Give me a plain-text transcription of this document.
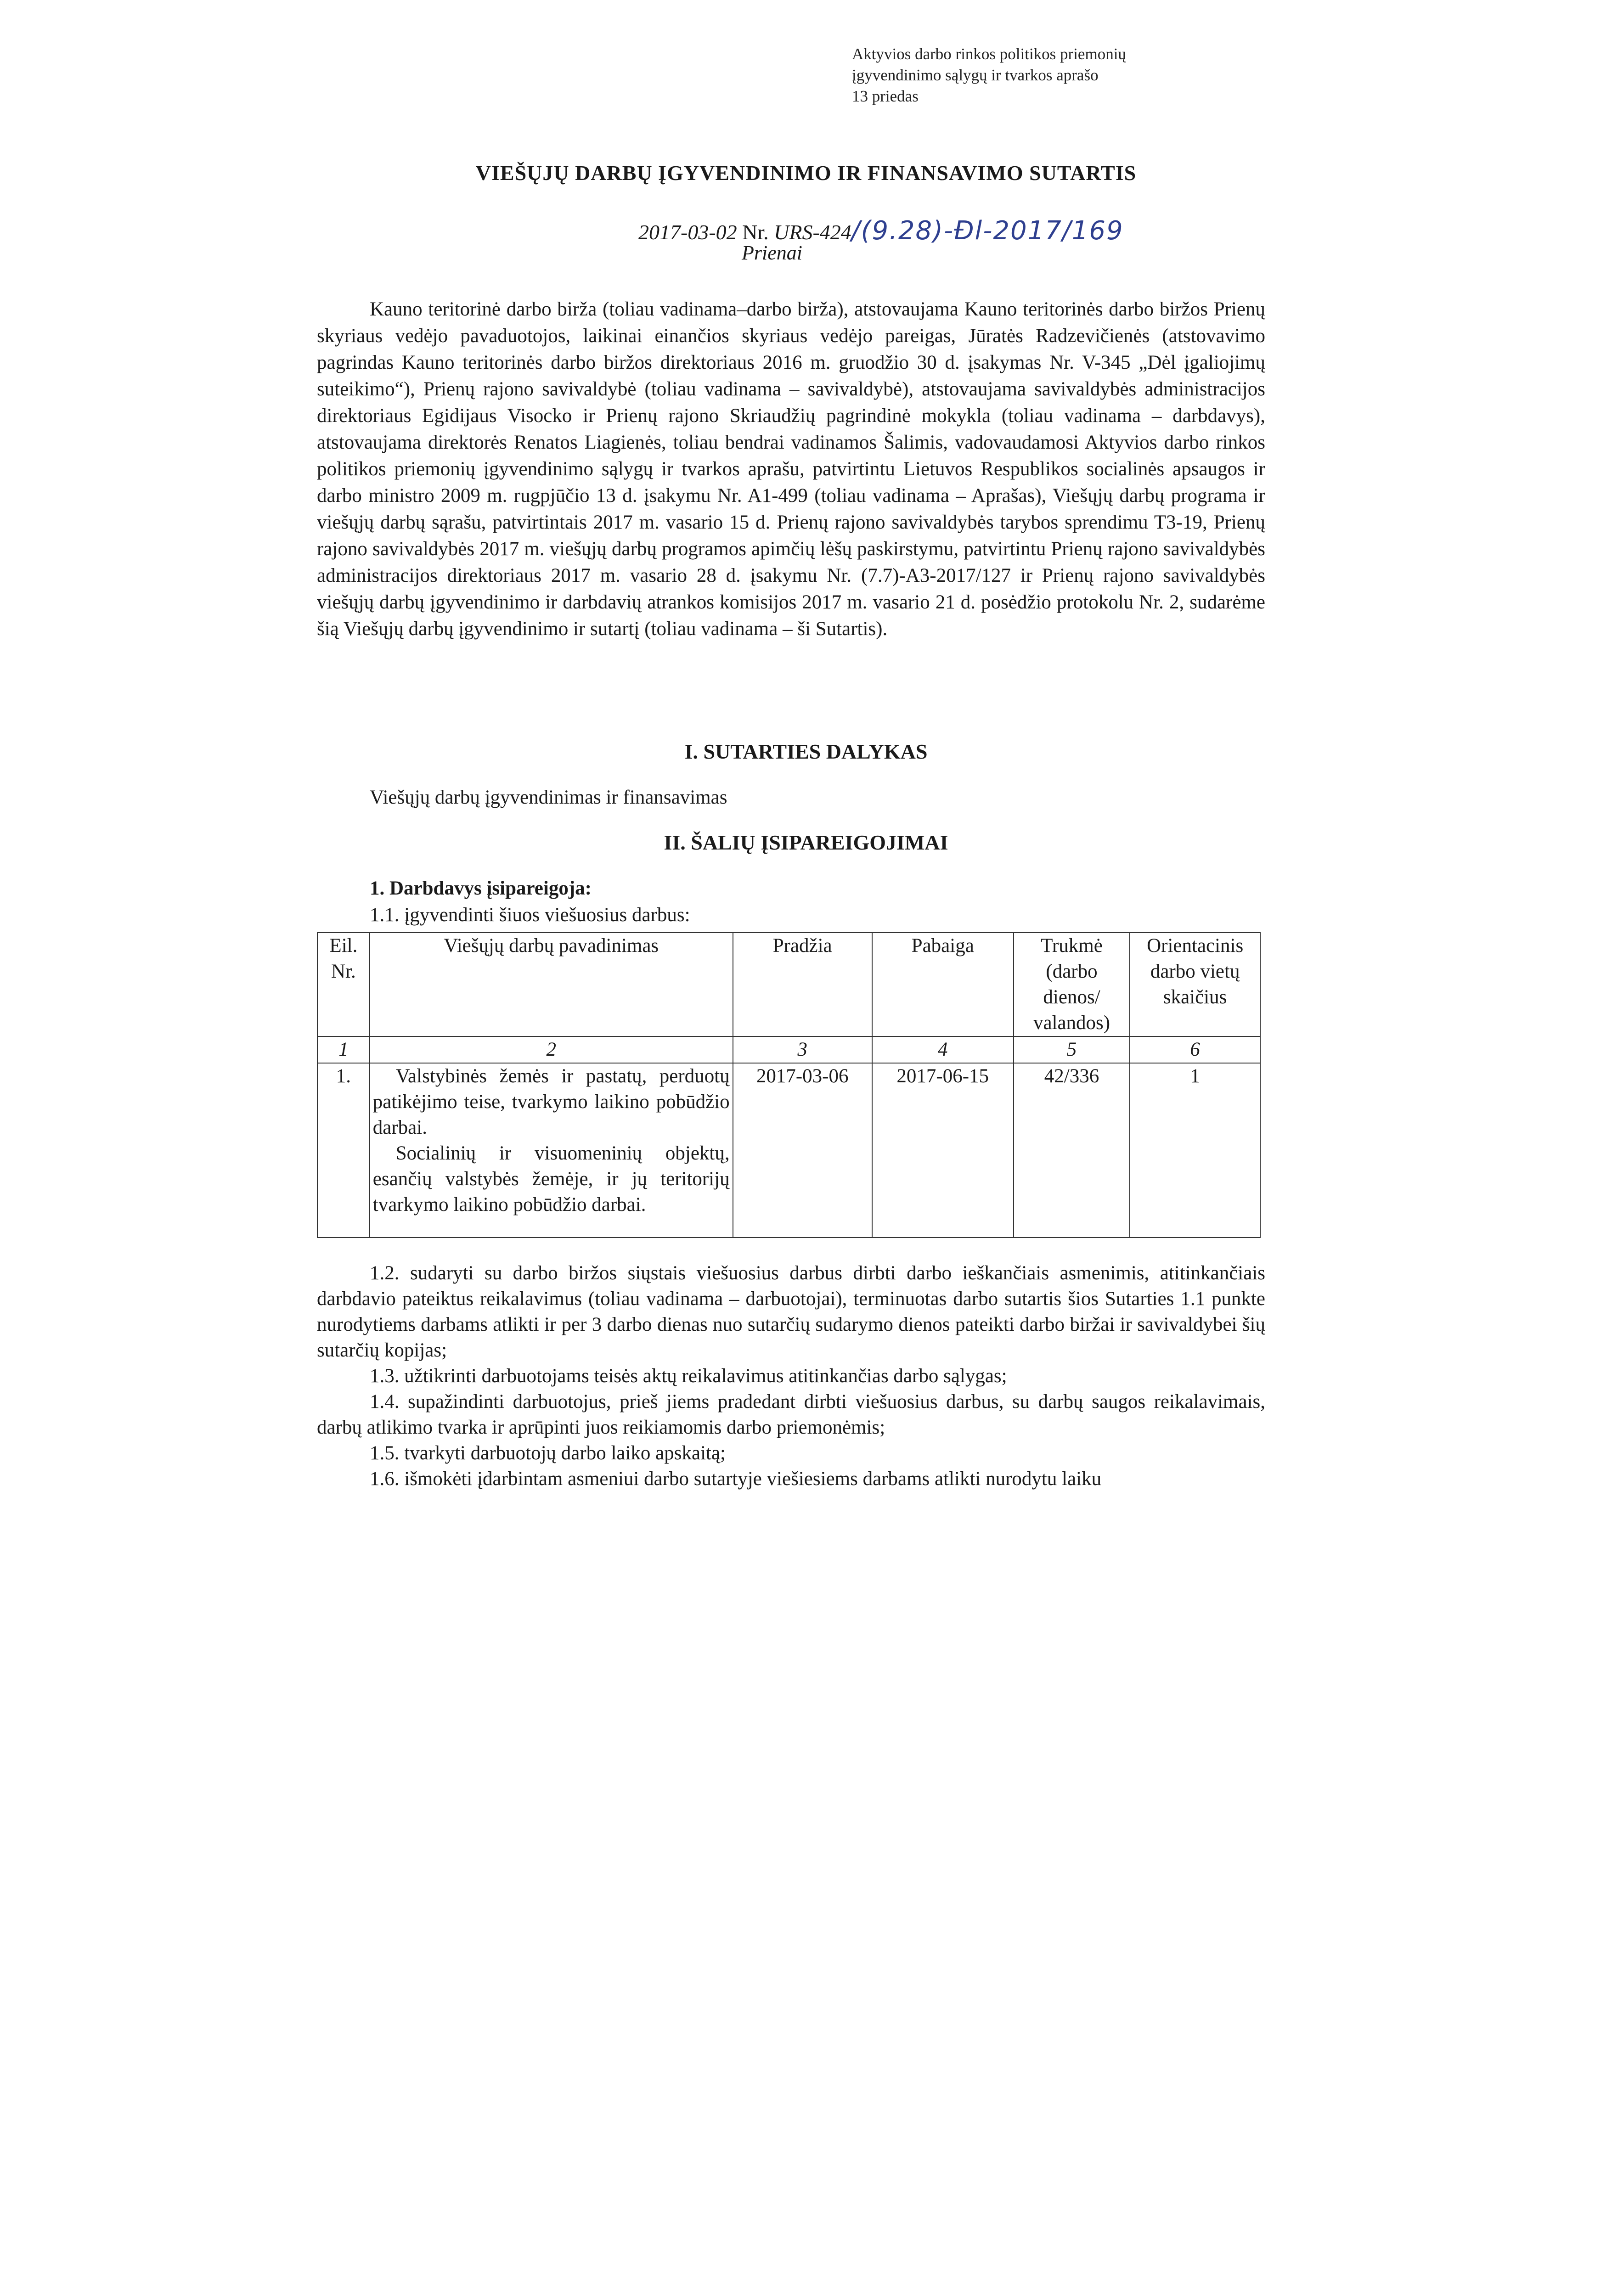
Aktyvios darbo rinkos politikos priemonių
įgyvendinimo sąlygų ir tvarkos aprašo
13 priedas
VIEŠŲJŲ DARBŲ ĮGYVENDINIMO IR FINANSAVIMO SUTARTIS
2017-03-02 Nr. URS-424/(9.28)-Đl-2017/169
Prienai

Kauno teritorinė darbo birža (toliau vadinama–darbo birža), atstovaujama Kauno teritorinės darbo biržos Prienų skyriaus vedėjo pavaduotojos, laikinai einančios skyriaus vedėjo pareigas, Jūratės Radzevičienės (atstovavimo pagrindas Kauno teritorinės darbo biržos direktoriaus 2016 m. gruodžio 30 d. įsakymas Nr. V-345 „Dėl įgaliojimų suteikimo“), Prienų rajono savivaldybė (toliau vadinama – savivaldybė), atstovaujama savivaldybės administracijos direktoriaus Egidijaus Visocko ir Prienų rajono Skriaudžių pagrindinė mokykla (toliau vadinama – darbdavys), atstovaujama direktorės Renatos Liagienės, toliau bendrai vadinamos Šalimis, vadovaudamosi Aktyvios darbo rinkos politikos priemonių įgyvendinimo sąlygų ir tvarkos aprašu, patvirtintu Lietuvos Respublikos socialinės apsaugos ir darbo ministro 2009 m. rugpjūčio 13 d. įsakymu Nr. A1-499 (toliau vadinama – Aprašas), Viešųjų darbų programa ir viešųjų darbų sąrašu, patvirtintais 2017 m. vasario 15 d. Prienų rajono savivaldybės tarybos sprendimu T3-19, Prienų rajono savivaldybės 2017 m. viešųjų darbų programos apimčių lėšų paskirstymu, patvirtintu Prienų rajono savivaldybės administracijos direktoriaus 2017 m. vasario 28 d. įsakymu Nr. (7.7)-A3-2017/127 ir Prienų rajono savivaldybės viešųjų darbų įgyvendinimo ir darbdavių atrankos komisijos 2017 m. vasario 21 d. posėdžio protokolu Nr. 2, sudarėme šią Viešųjų darbų įgyvendinimo ir sutartį (toliau vadinama – ši Sutartis).

I. SUTARTIES DALYKAS
Viešųjų darbų įgyvendinimas ir finansavimas
II. ŠALIŲ ĮSIPAREIGOJIMAI
1. Darbdavys įsipareigoja:
1.1. įgyvendinti šiuos viešuosius darbus:
Eil. Nr.	Viešųjų darbų pavadinimas	Pradžia	Pabaiga	Trukmė (darbo dienos/ valandos)	Orientacinis darbo vietų skaičius
1	2	3	4	5	6
1.	Valstybinės žemės ir pastatų, perduotų patikėjimo teise, tvarkymo laikino pobūdžio darbai.

Socialinių ir visuomeninių objektų, esančių valstybės žemėje, ir jų teritorijų tvarkymo laikino pobūdžio darbai.	2017-03-06	2017-06-15	42/336	1

1.2. sudaryti su darbo biržos siųstais viešuosius darbus dirbti darbo ieškančiais asmenimis, atitinkančiais darbdavio pateiktus reikalavimus (toliau vadinama – darbuotojai), terminuotas darbo sutartis šios Sutarties 1.1 punkte nurodytiems darbams atlikti ir per 3 darbo dienas nuo sutarčių sudarymo dienos pateikti darbo biržai ir savivaldybei šių sutarčių kopijas;

1.3. užtikrinti darbuotojams teisės aktų reikalavimus atitinkančias darbo sąlygas;

1.4. supažindinti darbuotojus, prieš jiems pradedant dirbti viešuosius darbus, su darbų saugos reikalavimais, darbų atlikimo tvarka ir aprūpinti juos reikiamomis darbo priemonėmis;

1.5. tvarkyti darbuotojų darbo laiko apskaitą;

1.6. išmokėti įdarbintam asmeniui darbo sutartyje viešiesiems darbams atlikti nurodytu laiku
